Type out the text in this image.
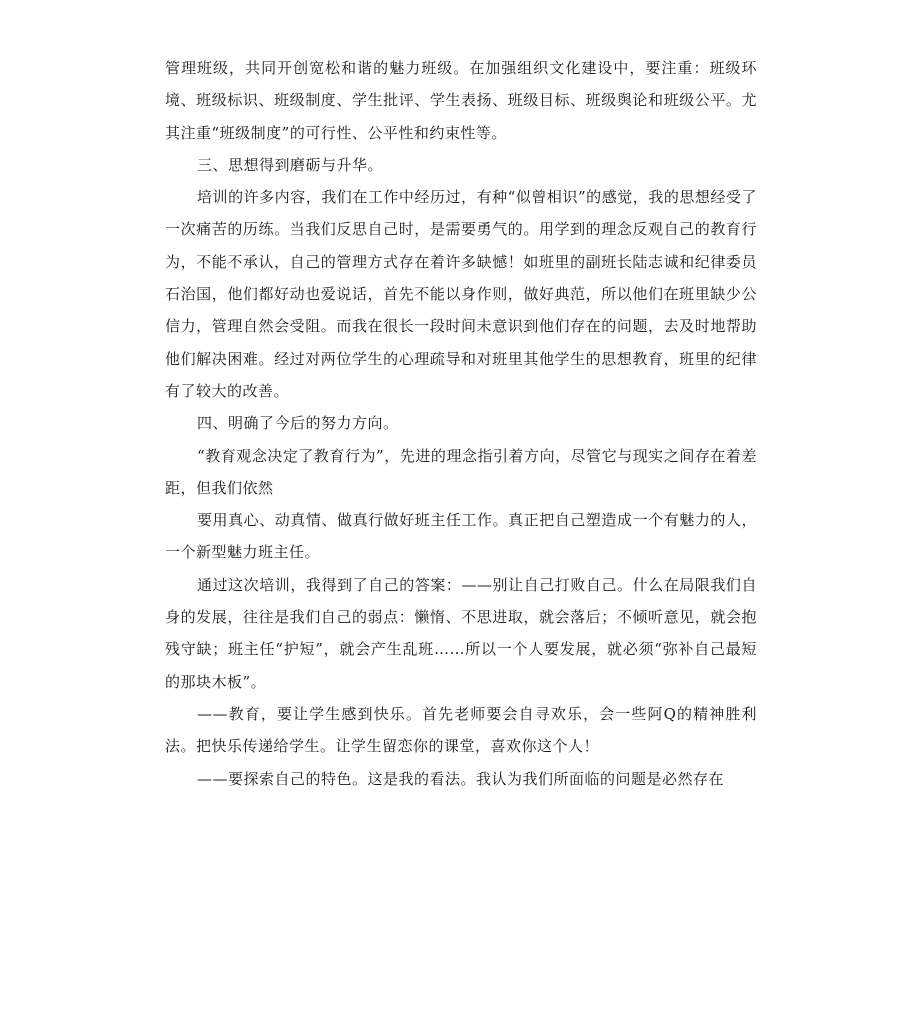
管理班级，共同开创宽松和谐的魅力班级。在加强组织文化建设中，要注重：班级环境、班级标识、班级制度、学生批评、学生表扬、班级目标、班级舆论和班级公平。尤其注重“班级制度”的可行性、公平性和约束性等。

三、思想得到磨砺与升华。

培训的许多内容，我们在工作中经历过，有种“似曾相识”的感觉，我的思想经受了一次痛苦的历练。当我们反思自己时，是需要勇气的。用学到的理念反观自己的教育行为，不能不承认，自己的管理方式存在着许多缺憾！如班里的副班长陆志诚和纪律委员石治国，他们都好动也爱说话，首先不能以身作则，做好典范，所以他们在班里缺少公信力，管理自然会受阻。而我在很长一段时间未意识到他们存在的问题，去及时地帮助他们解决困难。经过对两位学生的心理疏导和对班里其他学生的思想教育，班里的纪律有了较大的改善。

四、明确了今后的努力方向。

“教育观念决定了教育行为”，先进的理念指引着方向，尽管它与现实之间存在着差距，但我们依然

要用真心、动真情、做真行做好班主任工作。真正把自己塑造成一个有魅力的人，一个新型魅力班主任。

通过这次培训，我得到了自己的答案：——别让自己打败自己。什么在局限我们自身的发展，往往是我们自己的弱点：懒惰、不思进取，就会落后；不倾听意见，就会抱残守缺；班主任“护短”，就会产生乱班……所以一个人要发展，就必须“弥补自己最短的那块木板”。

——教育，要让学生感到快乐。首先老师要会自寻欢乐，会一些阿Q的精神胜利法。把快乐传递给学生。让学生留恋你的课堂，喜欢你这个人！

——要探索自己的特色。这是我的看法。我认为我们所面临的问题是必然存在
